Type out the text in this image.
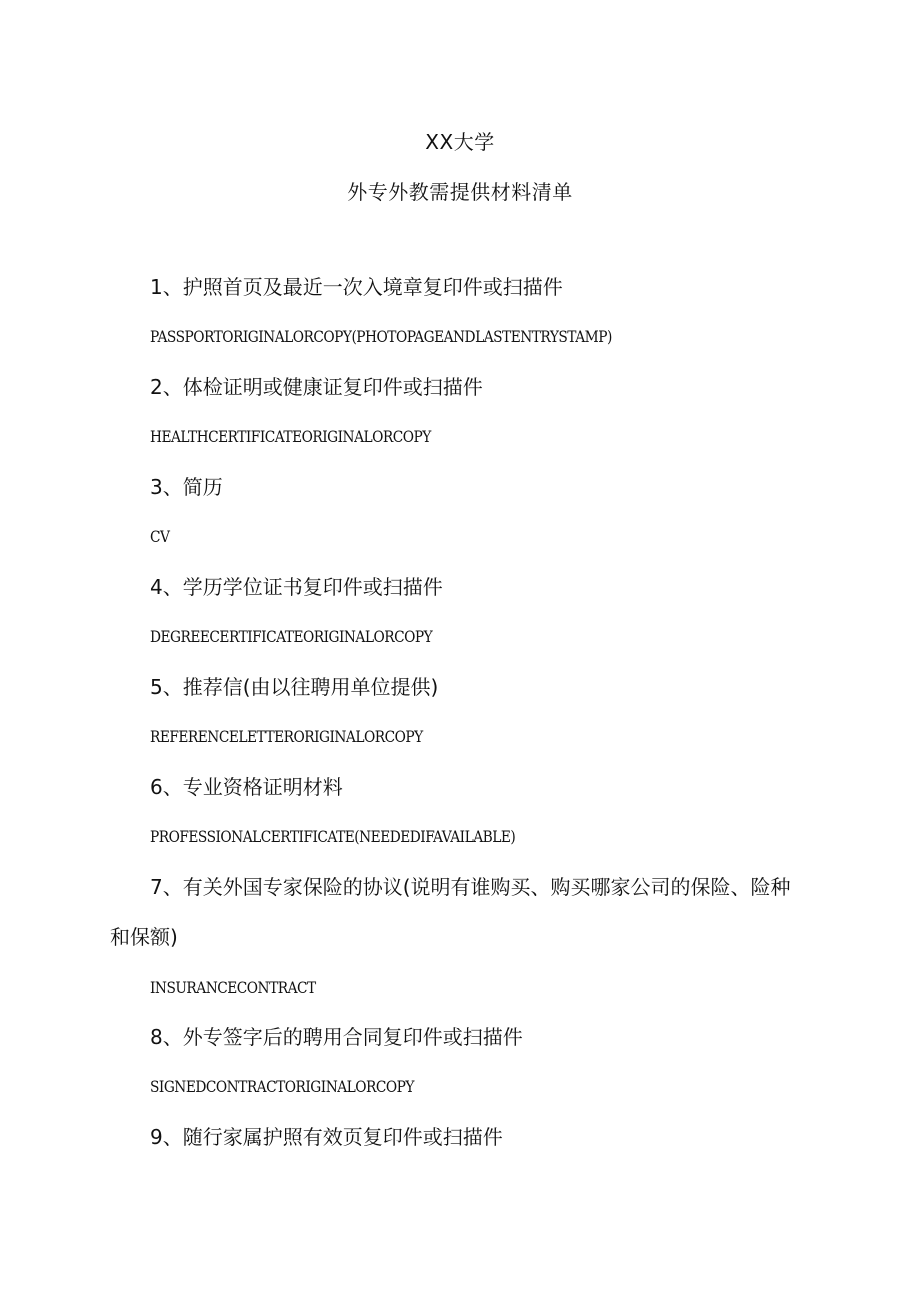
XX大学
外专外教需提供材料清单
1、护照首页及最近一次入境章复印件或扫描件
PASSPORTORIGINALORCOPY(PHOTOPAGEANDLASTENTRYSTAMP)
2、体检证明或健康证复印件或扫描件
HEALTHCERTIFICATEORIGINALORCOPY
3、简历
CV
4、学历学位证书复印件或扫描件
DEGREECERTIFICATEORIGINALORCOPY
5、推荐信(由以往聘用单位提供)
REFERENCELETTERORIGINALORCOPY
6、专业资格证明材料
PROFESSIONALCERTIFICATE(NEEDEDIFAVAILABLE)
7、有关外国专家保险的协议(说明有谁购买、购买哪家公司的保险、险种和保额)
INSURANCECONTRACT
8、外专签字后的聘用合同复印件或扫描件
SIGNEDCONTRACTORIGINALORCOPY
9、随行家属护照有效页复印件或扫描件
